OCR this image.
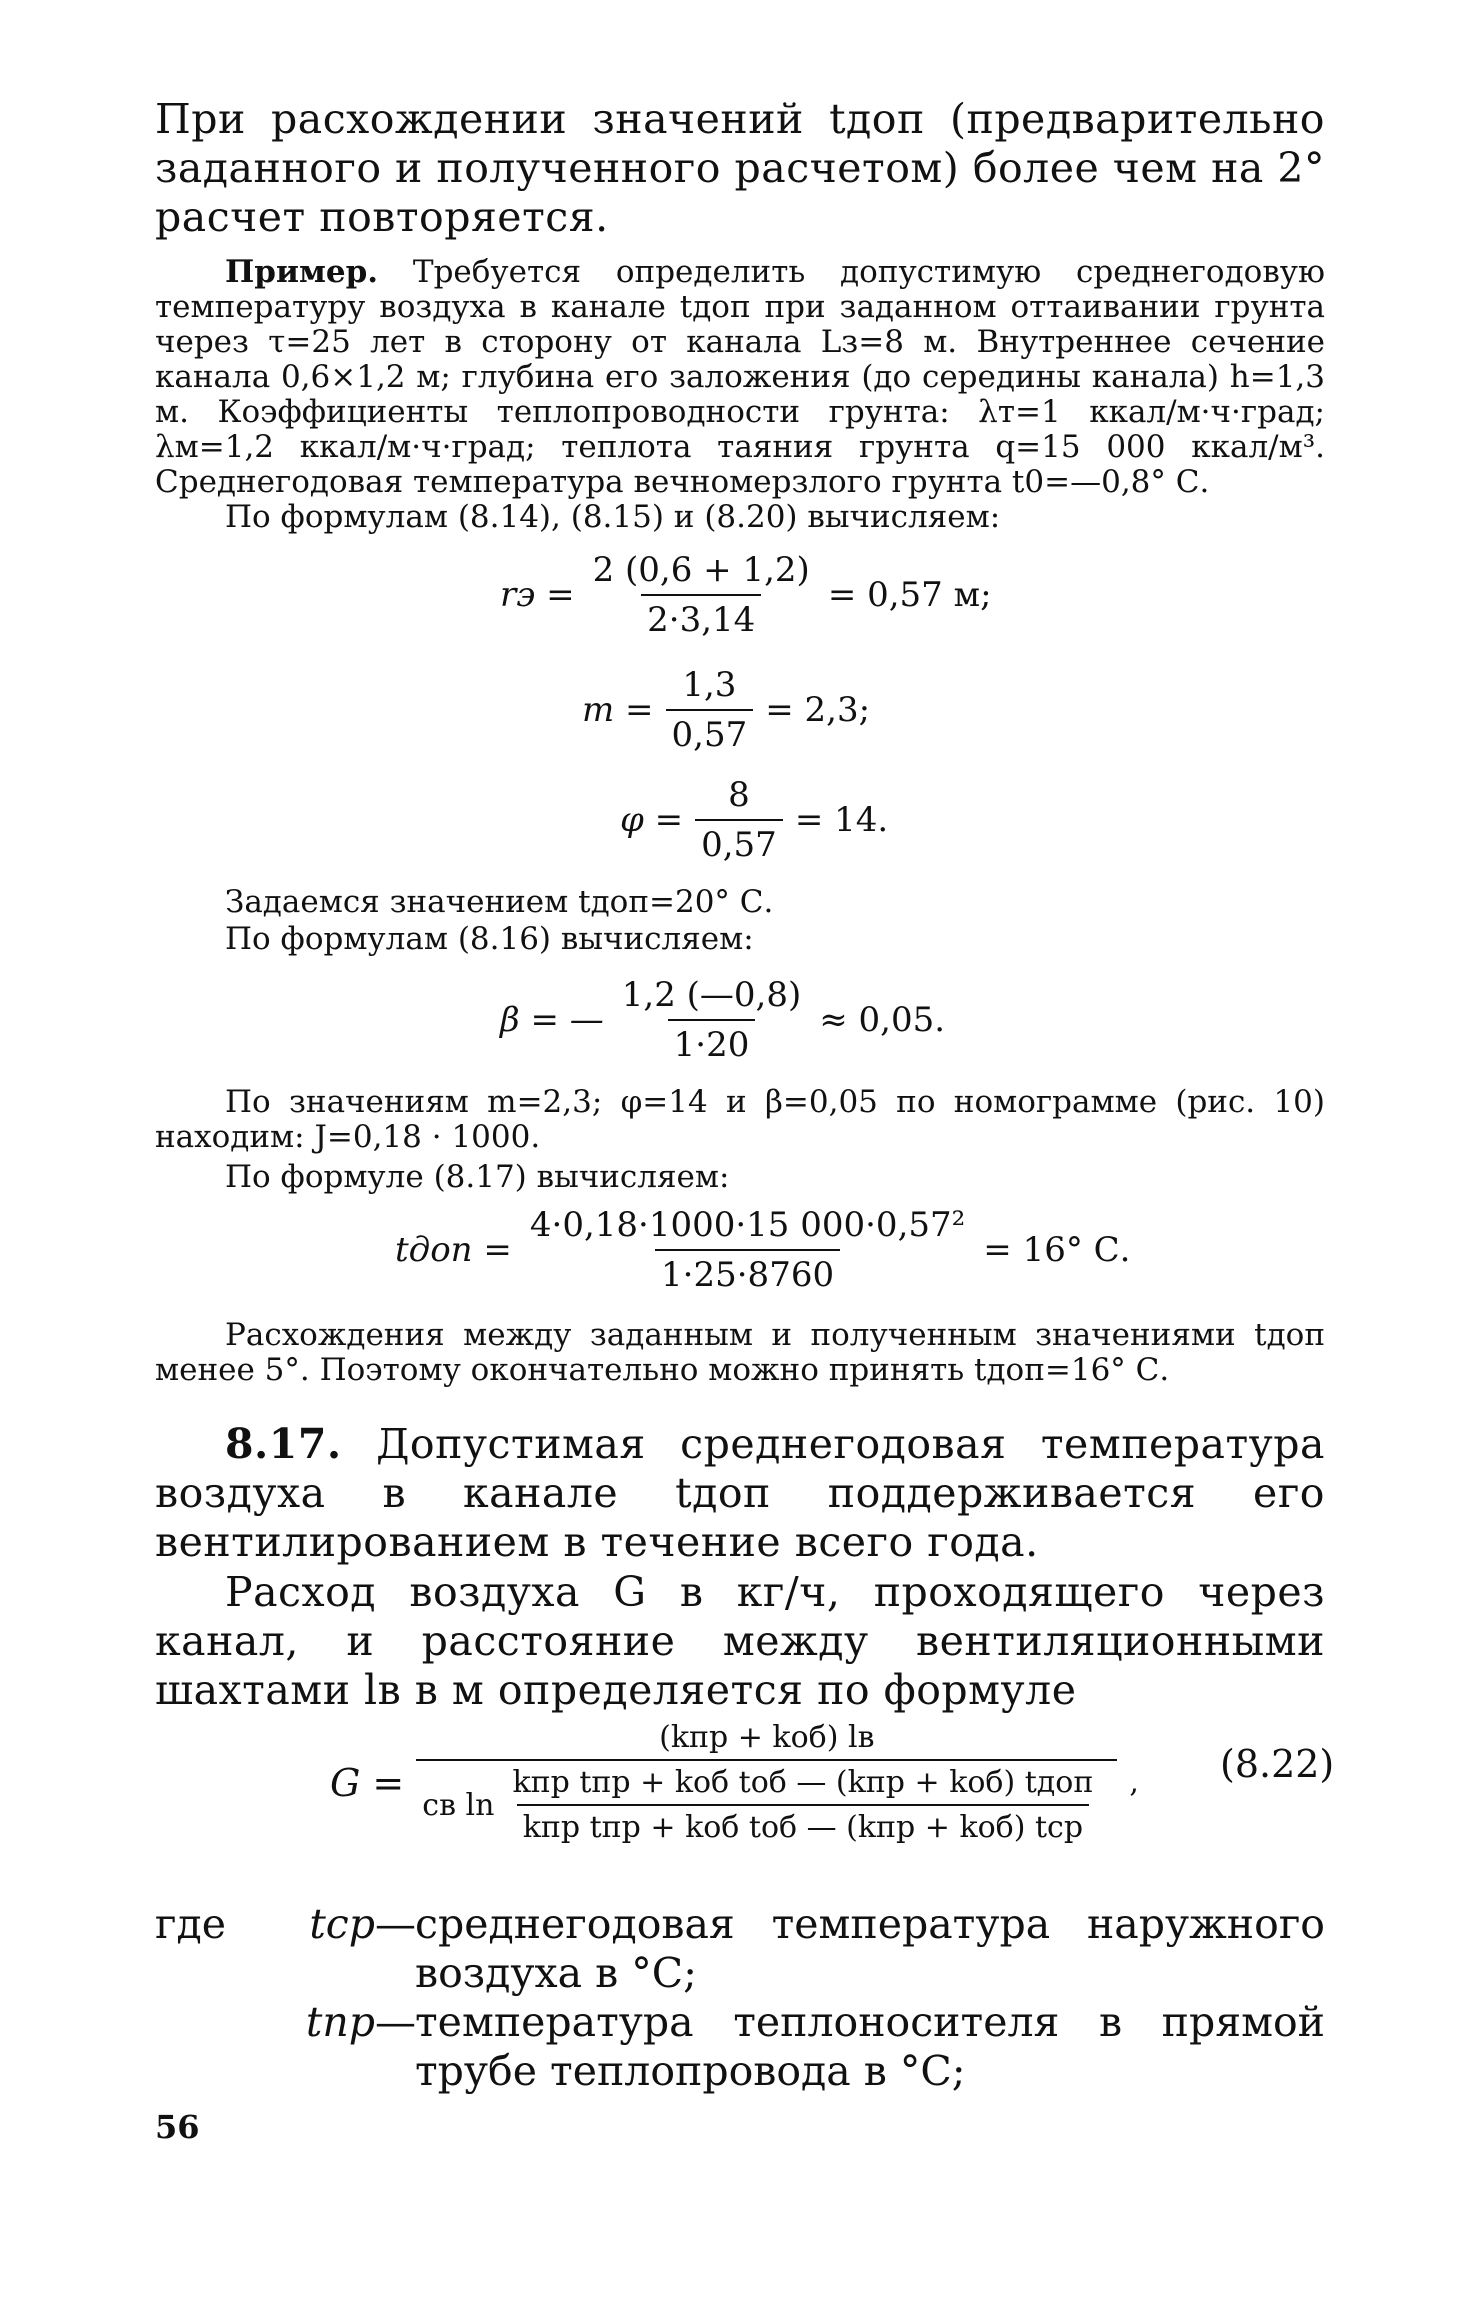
При расхождении значений tдоп (предварительно заданного и полученного расчетом) более чем на 2° расчет повторяется.

Пример. Требуется определить допустимую среднегодовую температуру воздуха в канале tдоп при заданном оттаивании грунта через τ=25 лет в сторону от канала Lз=8 м. Внутреннее сечение канала 0,6×1,2 м; глубина его заложения (до середины канала) h=1,3 м. Коэффициенты теплопроводности грунта: λт=1 ккал/м·ч·град; λм=1,2 ккал/м·ч·град; теплота таяния грунта q=15 000 ккал/м³. Среднегодовая температура вечномерзлого грунта t0=—0,8° С.
По формулам (8.14), (8.15) и (8.20) вычисляем:
rэ = $\frac{2 (0,6 + 1,2)}{2\cdot 3,14} = 0,57$ м;
$m = \frac{1,3}{0,57} = 2,3$;
$\varphi = \frac{8}{0,57} = 14$.
Задаемся значением tдоп=20° С.
По формулам (8.16) вычисляем:
β = — $\frac{1,2 (—0,8)}{1\cdot 20} \approx 0,05$.
По значениям m=2,3; φ=14 и β=0,05 по номограмме (рис. 10) находим: J=0,18 · 1000.
По формуле (8.17) вычисляем:
tдоп = $\frac{\text{4·0,18·1000·15 000·0,57²}}{1\cdot 25\cdot 8760} = 16^\circ$ С.
Расхождения между заданным и полученным значениями tдоп менее 5°. Поэтому окончательно можно принять tдоп=16° С.
8.17. Допустимая среднегодовая температура воздуха в канале tдоп поддерживается его вентилированием в течение всего года.
Расход воздуха G в кг/ч, проходящего через канал, и расстояние между вентиляционными шахтами lв в м определяется по формуле
G =
(kпр + kоб) lв
cв $\ln \frac{\text{kпр tпр + kоб tоб — (kпр + kоб) tдоп}}{\text{kпр tпр + kоб tоб — (kпр + kоб) tср}}$ , (8.22)
где	tср — среднегодовая температура наружного воздуха в °С;
tпр — температура теплоносителя в прямой трубе теплопровода в °С;
56
